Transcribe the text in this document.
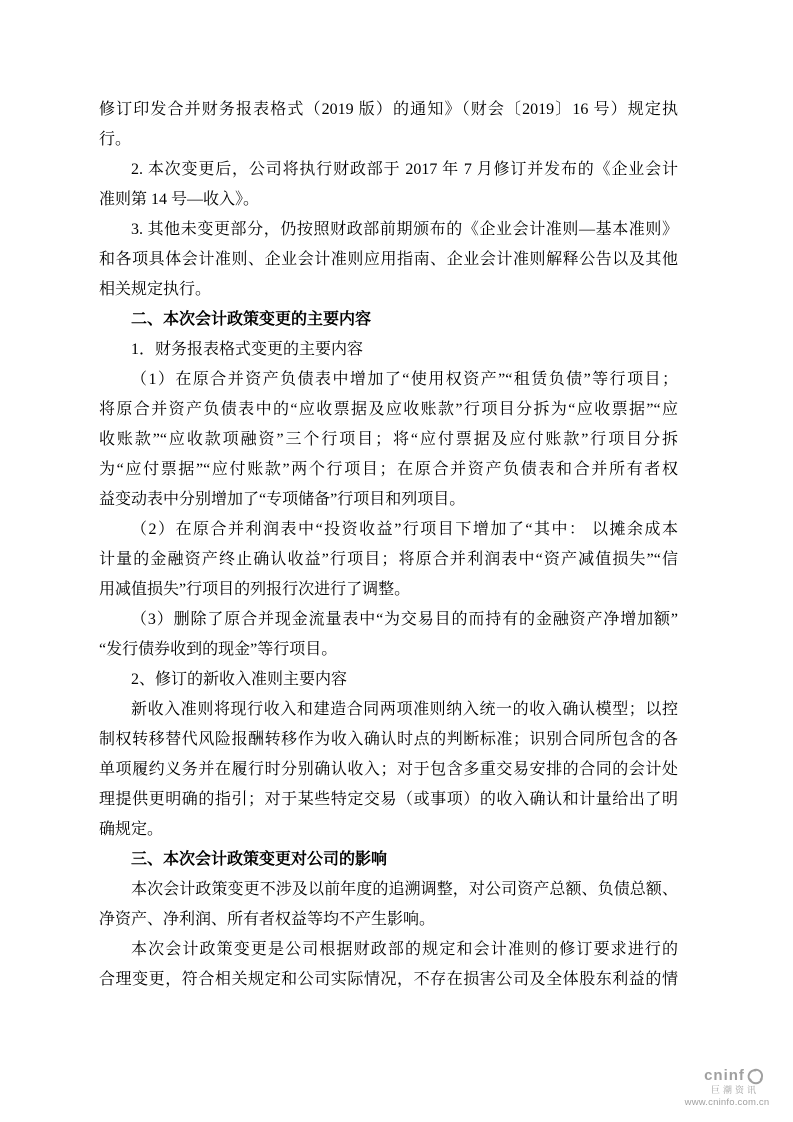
修订印发合并财务报表格式（2019 版）的通知》（财会〔2019〕16 号）规定执
行。
2. 本次变更后，公司将执行财政部于 2017 年 7 月修订并发布的《企业会计
准则第 14 号—收入》。
3. 其他未变更部分，仍按照财政部前期颁布的《企业会计准则—基本准则》
和各项具体会计准则、企业会计准则应用指南、企业会计准则解释公告以及其他
相关规定执行。
二、本次会计政策变更的主要内容
1．财务报表格式变更的主要内容
（1）在原合并资产负债表中增加了“使用权资产”“租赁负债”等行项目；
将原合并资产负债表中的“应收票据及应收账款”行项目分拆为“应收票据”“应
收账款”“应收款项融资”三个行项目；将“应付票据及应付账款”行项目分拆
为“应付票据”“应付账款”两个行项目；在原合并资产负债表和合并所有者权
益变动表中分别增加了“专项储备”行项目和列项目。
（2）在原合并利润表中“投资收益”行项目下增加了“其中： 以摊余成本
计量的金融资产终止确认收益”行项目；将原合并利润表中“资产减值损失”“信
用减值损失”行项目的列报行次进行了调整。
（3）删除了原合并现金流量表中“为交易目的而持有的金融资产净增加额”
“发行债券收到的现金”等行项目。
2、修订的新收入准则主要内容
新收入准则将现行收入和建造合同两项准则纳入统一的收入确认模型；以控
制权转移替代风险报酬转移作为收入确认时点的判断标准；识别合同所包含的各
单项履约义务并在履行时分别确认收入；对于包含多重交易安排的合同的会计处
理提供更明确的指引；对于某些特定交易（或事项）的收入确认和计量给出了明
确规定。
三、本次会计政策变更对公司的影响
本次会计政策变更不涉及以前年度的追溯调整，对公司资产总额、负债总额、
净资产、净利润、所有者权益等均不产生影响。
本次会计政策变更是公司根据财政部的规定和会计准则的修订要求进行的
合理变更，符合相关规定和公司实际情况，不存在损害公司及全体股东利益的情
cninf
巨潮资讯
www.cninfo.com.cn
